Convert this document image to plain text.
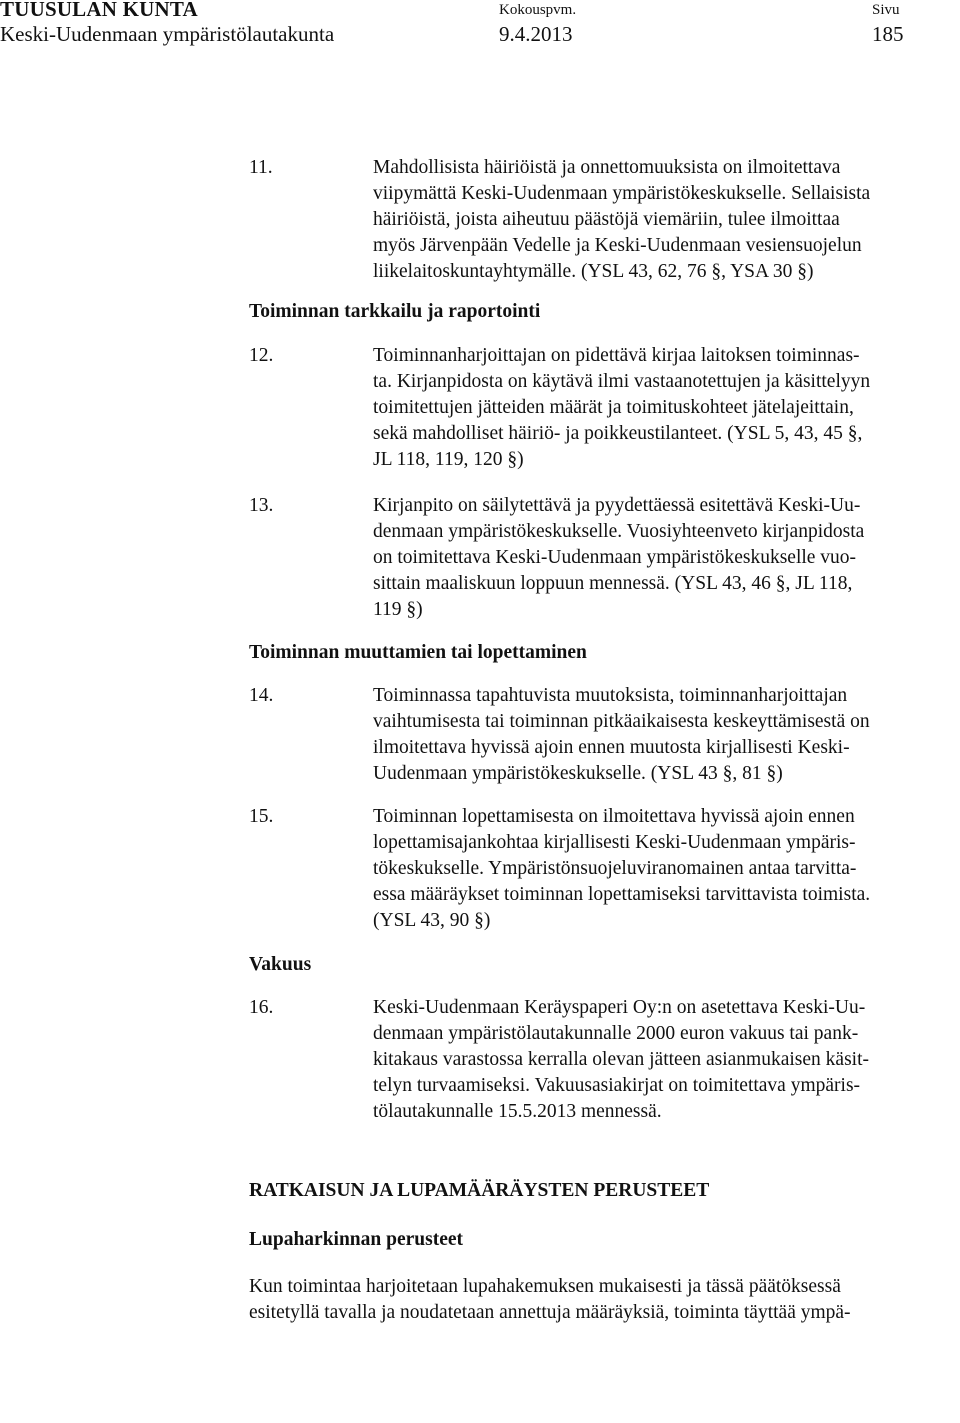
TUUSULAN KUNTA
Keski-Uudenmaan ympäristölautakunta
Kokouspvm.
9.4.2013
Sivu
185
11.	Mahdollisista häiriöistä ja onnettomuuksista on ilmoitettava
viipymättä Keski-Uudenmaan ympäristökeskukselle. Sellaisista
häiriöistä, joista aiheutuu päästöjä viemäriin, tulee ilmoittaa
myös Järvenpään Vedelle ja Keski-Uudenmaan vesiensuojelun
liikelaitoskuntayhtymälle. (YSL 43, 62, 76 §, YSA 30 §)
Toiminnan tarkkailu ja raportointi
12.	Toiminnanharjoittajan on pidettävä kirjaa laitoksen toiminnas-
ta. Kirjanpidosta on käytävä ilmi vastaanotettujen ja käsittelyyn
toimitettujen jätteiden määrät ja toimituskohteet jätelajeittain,
sekä mahdolliset häiriö- ja poikkeustilanteet. (YSL 5, 43, 45 §,
JL 118, 119, 120 §)
13.	Kirjanpito on säilytettävä ja pyydettäessä esitettävä Keski-Uu-
denmaan ympäristökeskukselle. Vuosiyhteenveto kirjanpidosta
on toimitettava Keski-Uudenmaan ympäristökeskukselle vuo-
sittain maaliskuun loppuun mennessä. (YSL 43, 46 §, JL 118,
119 §)
Toiminnan muuttamien tai lopettaminen
14.	Toiminnassa tapahtuvista muutoksista, toiminnanharjoittajan
vaihtumisesta tai toiminnan pitkäaikaisesta keskeyttämisestä on
ilmoitettava hyvissä ajoin ennen muutosta kirjallisesti Keski-
Uudenmaan ympäristökeskukselle. (YSL 43 §, 81 §)
15.	Toiminnan lopettamisesta on ilmoitettava hyvissä ajoin ennen
lopettamisajankohtaa kirjallisesti Keski-Uudenmaan ympäris-
tökeskukselle. Ympäristönsuojeluviranomainen antaa tarvitta-
essa määräykset toiminnan lopettamiseksi tarvittavista toimista.
(YSL 43, 90 §)
Vakuus
16.	Keski-Uudenmaan Keräyspaperi Oy:n on asetettava Keski-Uu-
denmaan ympäristölautakunnalle 2000 euron vakuus tai pank-
kitakaus varastossa kerralla olevan jätteen asianmukaisen käsit-
telyn turvaamiseksi. Vakuusasiakirjat on toimitettava ympäris-
tölautakunnalle 15.5.2013 mennessä.
RATKAISUN JA LUPAMÄÄRÄYSTEN PERUSTEET
Lupaharkinnan perusteet
Kun toimintaa harjoitetaan lupahakemuksen mukaisesti ja tässä päätöksessä
esitetyllä tavalla ja noudatetaan annettuja määräyksiä, toiminta täyttää ympä-
